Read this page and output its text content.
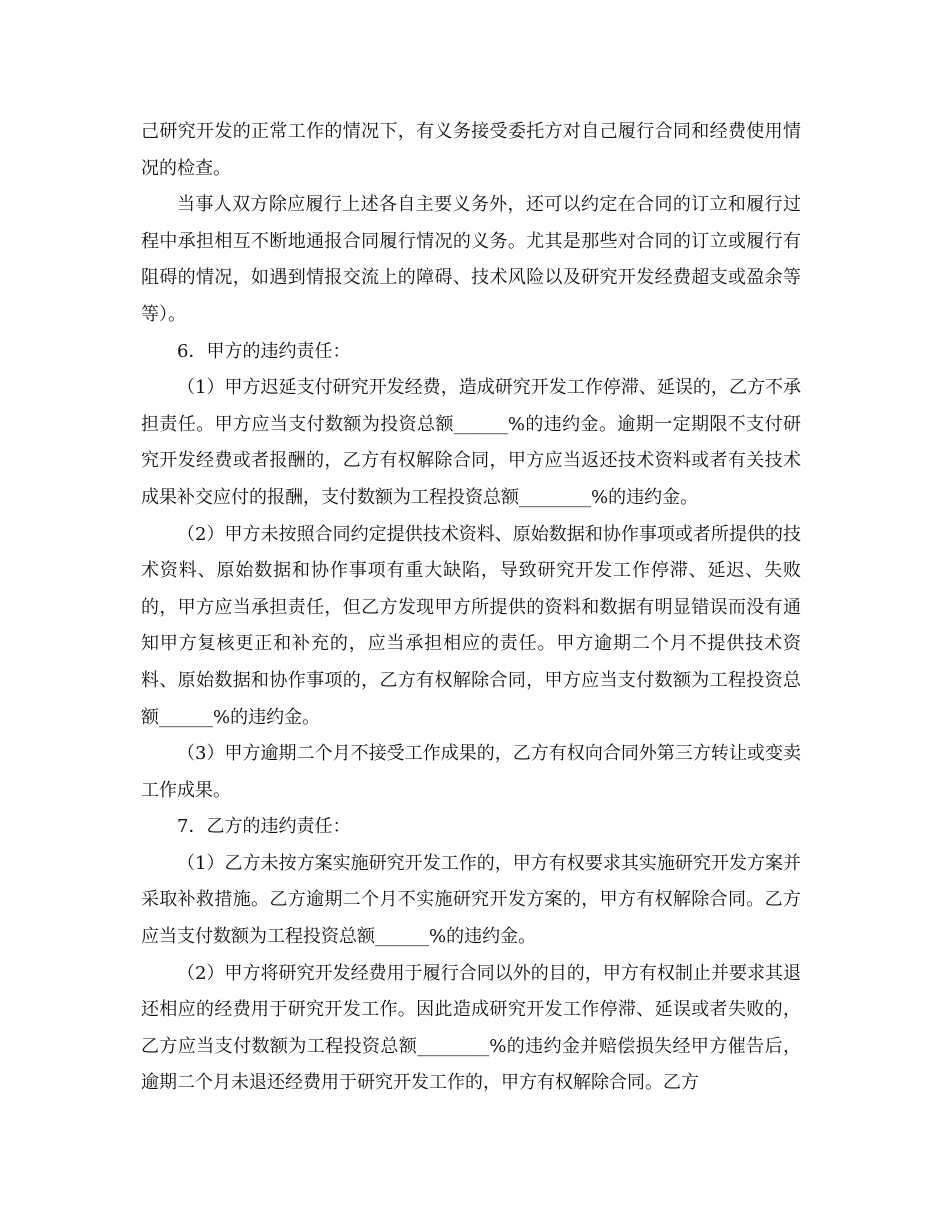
己研究开发的正常工作的情况下，有义务接受委托方对自己履行合同和经费使用情况的检查。

当事人双方除应履行上述各自主要义务外，还可以约定在合同的订立和履行过程中承担相互不断地通报合同履行情况的义务。尤其是那些对合同的订立或履行有阻碍的情况，如遇到情报交流上的障碍、技术风险以及研究开发经费超支或盈余等等）。

6．甲方的违约责任：

（1）甲方迟延支付研究开发经费，造成研究开发工作停滞、延误的，乙方不承担责任。甲方应当支付数额为投资总额______%的违约金。逾期一定期限不支付研究开发经费或者报酬的，乙方有权解除合同，甲方应当返还技术资料或者有关技术成果补交应付的报酬，支付数额为工程投资总额________%的违约金。

（2）甲方未按照合同约定提供技术资料、原始数据和协作事项或者所提供的技术资料、原始数据和协作事项有重大缺陷，导致研究开发工作停滞、延迟、失败的，甲方应当承担责任，但乙方发现甲方所提供的资料和数据有明显错误而没有通知甲方复核更正和补充的，应当承担相应的责任。甲方逾期二个月不提供技术资料、原始数据和协作事项的，乙方有权解除合同，甲方应当支付数额为工程投资总额______%的违约金。

（3）甲方逾期二个月不接受工作成果的，乙方有权向合同外第三方转让或变卖工作成果。

7．乙方的违约责任：

（1）乙方未按方案实施研究开发工作的，甲方有权要求其实施研究开发方案并采取补救措施。乙方逾期二个月不实施研究开发方案的，甲方有权解除合同。乙方应当支付数额为工程投资总额______%的违约金。

（2）甲方将研究开发经费用于履行合同以外的目的，甲方有权制止并要求其退还相应的经费用于研究开发工作。因此造成研究开发工作停滞、延误或者失败的，乙方应当支付数额为工程投资总额________%的违约金并赔偿损失经甲方催告后，逾期二个月未退还经费用于研究开发工作的，甲方有权解除合同。乙方
